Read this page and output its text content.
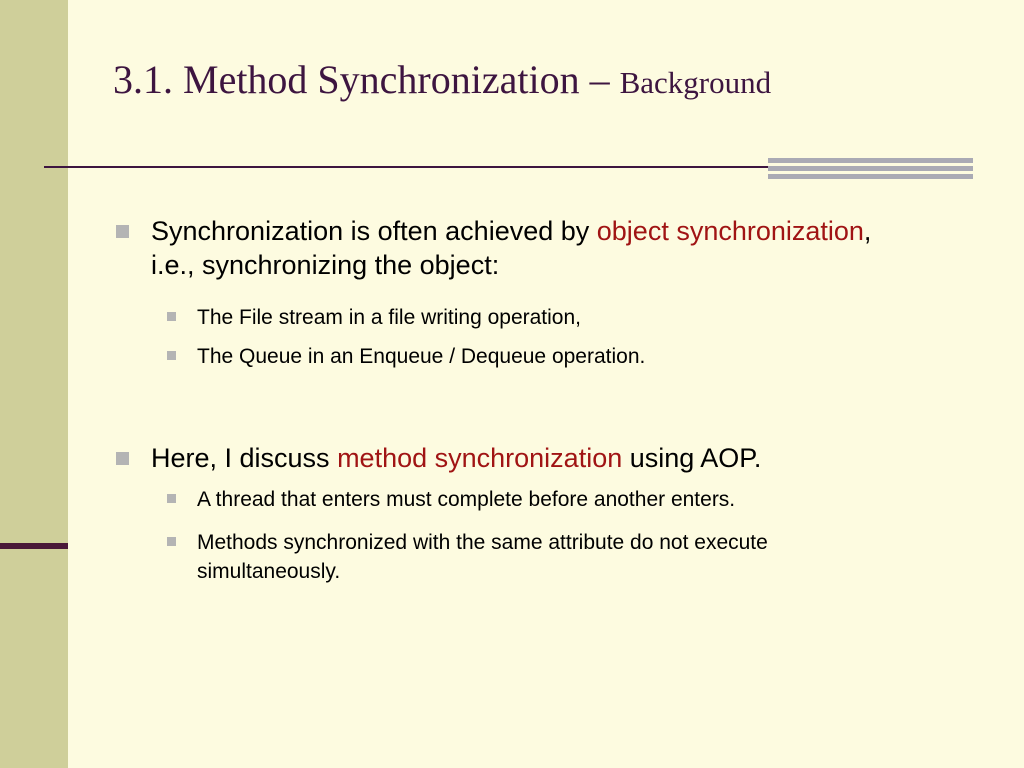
3.1. Method Synchronization – Background
Synchronization is often achieved by object synchronization, i.e., synchronizing the object:
The File stream in a file writing operation,
The Queue in an Enqueue / Dequeue operation.
Here, I discuss method synchronization using AOP.
A thread that enters must complete before another enters.
Methods synchronized with the same attribute do not execute simultaneously.
